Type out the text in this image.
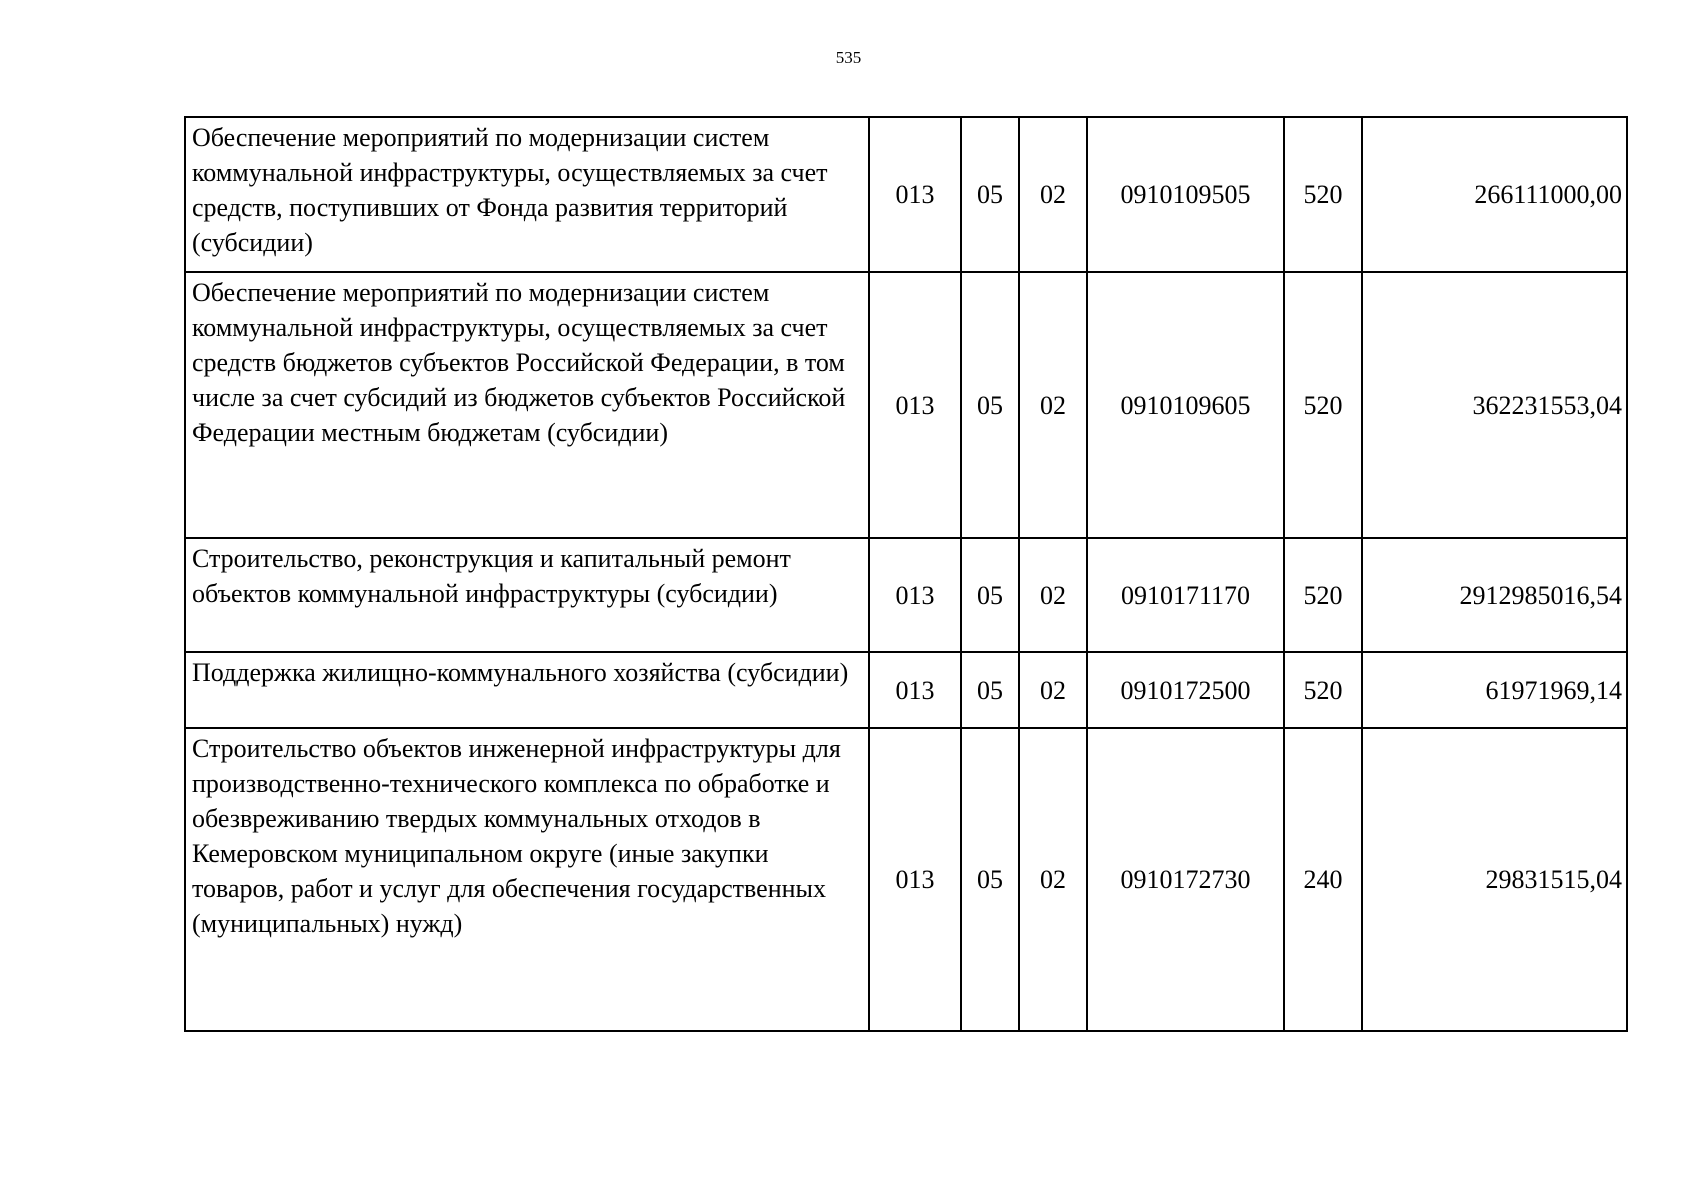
535
Обеспечение мероприятий по модернизации систем коммунальной инфраструктуры, осуществляемых за счет средств, поступивших от Фонда развития территорий (субсидии)	013	05	02	0910109505	520	266111000,00
Обеспечение мероприятий по модернизации систем коммунальной инфраструктуры, осуществляемых за счет средств бюджетов субъектов Российской Федерации, в том числе за счет субсидий из бюджетов субъектов Российской Федерации местным бюджетам (субсидии)	013	05	02	0910109605	520	362231553,04
Строительство, реконструкция и капитальный ремонт объектов коммунальной инфраструктуры (субсидии)	013	05	02	0910171170	520	2912985016,54
Поддержка жилищно-коммунального хозяйства (субсидии)	013	05	02	0910172500	520	61971969,14
Строительство объектов инженерной инфраструктуры для производственно-технического комплекса по обработке и обезвреживанию твердых коммунальных отходов в Кемеровском муниципальном округе (иные закупки товаров, работ и услуг для обеспечения государственных (муниципальных) нужд)	013	05	02	0910172730	240	29831515,04
